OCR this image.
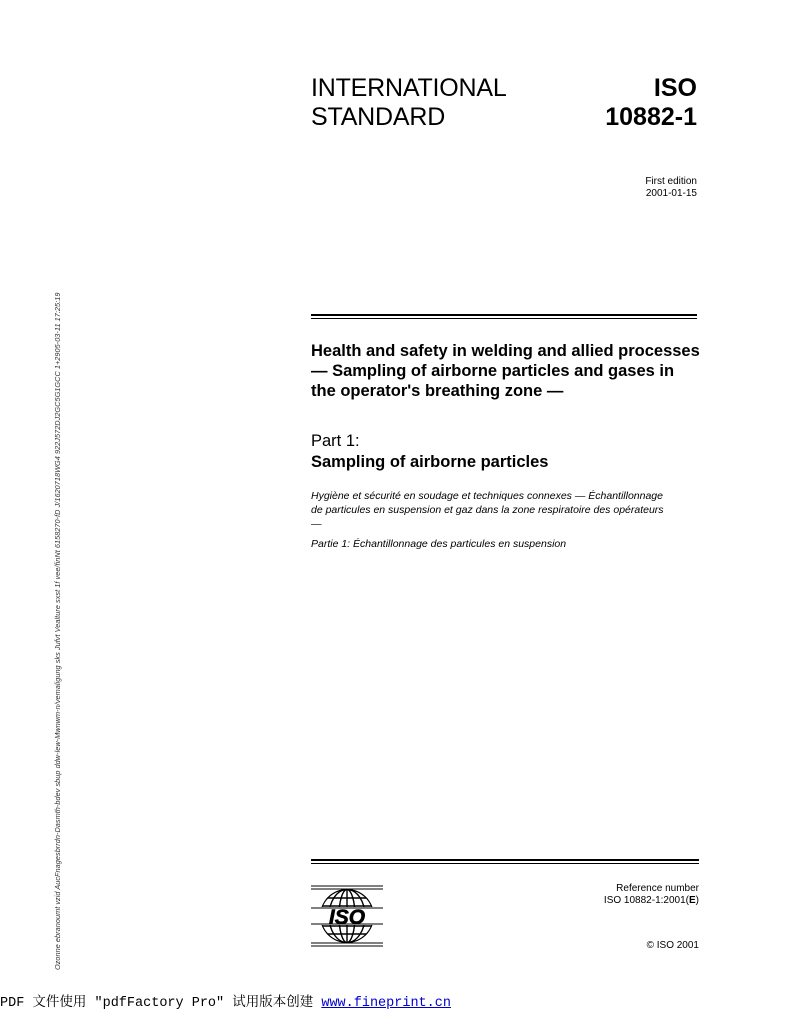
INTERNATIONAL
STANDARD
ISO
10882-1
First edition
2001-01-15
Ozonne ebranoumt vzid AucFnagesbrrdn-Dasmth-bdev sbup ddw-lew-Mwnwm-n/vemaligung sks Jufvt Vealture sxst 1f vee/finNt 6158270-fD J/1620718WG4 922J572DJ2GC5G1GCC 1+2905-03-11 17:25:19	Health and safety in welding and allied processes — Sampling of airborne particles and gases in the operator's breathing zone —
Part 1:
Sampling of airborne particles
Hygiène et sécurité en soudage et techniques connexes — Échantillonnage de particules en suspension et gaz dans la zone respiratoire des opérateurs —
Partie 1: Échantillonnage des particules en suspension
ISO
Reference number
ISO 10882-1:2001(E)
© ISO 2001
PDF 文件使用 "pdfFactory Pro" 试用版本创建 www.fineprint.cn
